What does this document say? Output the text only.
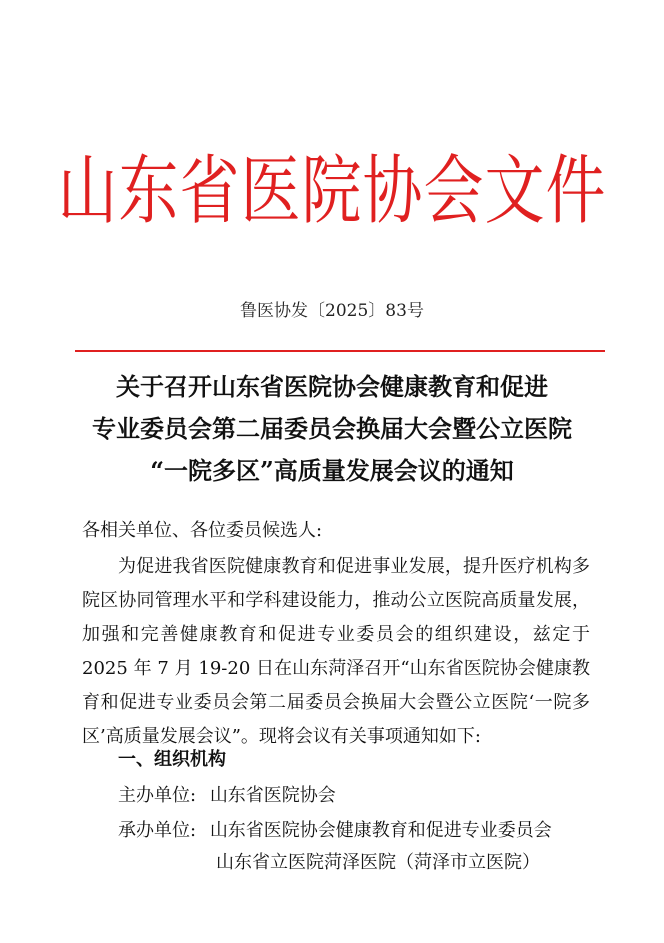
山东省医院协会文件
鲁医协发〔2025〕83号
关于召开山东省医院协会健康教育和促进
专业委员会第二届委员会换届大会暨公立医院
“一院多区”高质量发展会议的通知
各相关单位、各位委员候选人:
为促进我省医院健康教育和促进事业发展，提升医疗机构多院区协同管理水平和学科建设能力，推动公立医院高质量发展，加强和完善健康教育和促进专业委员会的组织建设，兹定于 2025 年 7 月 19-20 日在山东菏泽召开“山东省医院协会健康教育和促进专业委员会第二届委员会换届大会暨公立医院‘一院多区’高质量发展会议”。现将会议有关事项通知如下:
一、组织机构
主办单位: 山东省医院协会
承办单位: 山东省医院协会健康教育和促进专业委员会
山东省立医院菏泽医院（菏泽市立医院）
